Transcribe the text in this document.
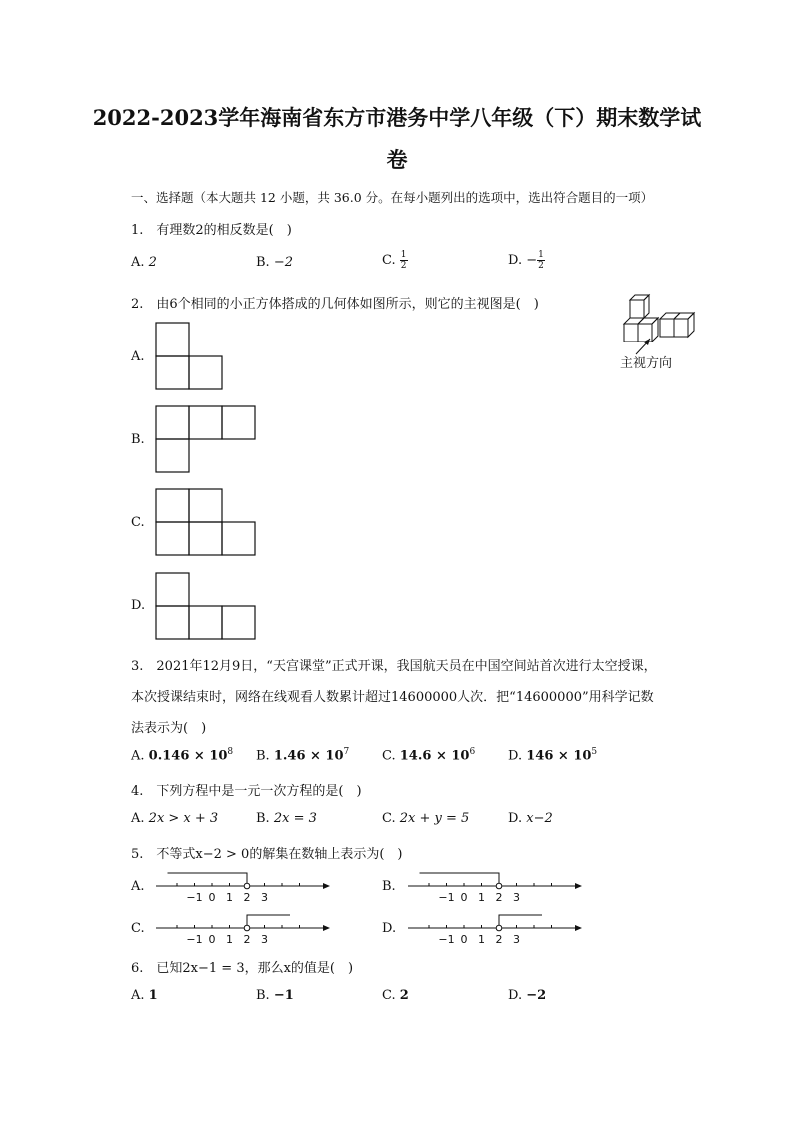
2022-2023学年海南省东方市港务中学八年级（下）期末数学试
卷
一、选择题（本大题共 12 小题，共 36.0 分。在每小题列出的选项中，选出符合题目的一项）
1.　有理数2的相反数是(　)
A. 2	B. −2	C. $\frac{1}{2}$	D. − $\frac{1}{2}$
2.　由6个相同的小正方体搭成的几何体如图所示，则它的主视图是(　)
主视方向
A.
B.
C.
D.
3.　2021年12月9日，“天宫课堂”正式开课，我国航天员在中国空间站首次进行太空授课，
本次授课结束时，网络在线观看人数累计超过14600000人次．把“14600000”用科学记数
法表示为(　)
A. $0.146 \times 10^8$ B. $1.46 \times 10^7$	C. $14.6 \times 10^6$	D. $146 \times 10^5$
4.　下列方程中是一元一次方程的是(　)
A. 2x > x + 3	B. 2x = 3	C. 2x + y = 5	D. x−2
5.　不等式x−2 > 0的解集在数轴上表示为(　)
A.	B.
C.	D.
−1 0 1 2 3	−1 0 1 2 3
−1 0 1 2 3	−1 0 1 2 3
6.　已知2x−1 = 3，那么x的值是(　)
A. 1	B. −1	C. 2	D. −2
